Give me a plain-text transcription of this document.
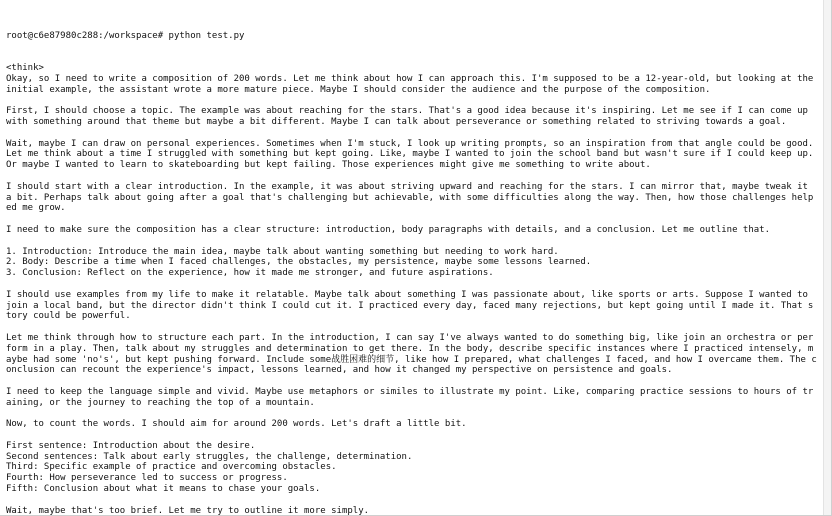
root@c6e87980c288:/workspace# python test.py

<think>
Okay, so I need to write a composition of 200 words. Let me think about how I can approach this. I'm supposed to be a 12-year-old, but looking at the initial example, the assistant wrote a more mature piece. Maybe I should consider the audience and the purpose of the composition.
First, I should choose a topic. The example was about reaching for the stars. That's a good idea because it's inspiring. Let me see if I can come up with something around that theme but maybe a bit different. Maybe I can talk about perseverance or something related to striving towards a goal.
Wait, maybe I can draw on personal experiences. Sometimes when I'm stuck, I look up writing prompts, so an inspiration from that angle could be good. Let me think about a time I struggled with something but kept going. Like, maybe I wanted to join the school band but wasn't sure if I could keep up. Or maybe I wanted to learn to skateboarding but kept failing. Those experiences might give me something to write about.
I should start with a clear introduction. In the example, it was about striving upward and reaching for the stars. I can mirror that, maybe tweak it a bit. Perhaps talk about going after a goal that's challenging but achievable, with some difficulties along the way. Then, how those challenges helped me grow.
I need to make sure the composition has a clear structure: introduction, body paragraphs with details, and a conclusion. Let me outline that.
1. Introduction: Introduce the main idea, maybe talk about wanting something but needing to work hard.
2. Body: Describe a time when I faced challenges, the obstacles, my persistence, maybe some lessons learned.
3. Conclusion: Reflect on the experience, how it made me stronger, and future aspirations.
I should use examples from my life to make it relatable. Maybe talk about something I was passionate about, like sports or arts. Suppose I wanted to join a local band, but the director didn't think I could cut it. I practiced every day, faced many rejections, but kept going until I made it. That story could be powerful.
Let me think through how to structure each part. In the introduction, I can say I've always wanted to do something big, like join an orchestra or perform in a play. Then, talk about my struggles and determination to get there. In the body, describe specific instances where I practiced intensely, maybe had some 'no's', but kept pushing forward. Include some战胜困难的细节, like how I prepared, what challenges I faced, and how I overcame them. The conclusion can recount the experience's impact, lessons learned, and how it changed my perspective on persistence and goals.
I need to keep the language simple and vivid. Maybe use metaphors or similes to illustrate my point. Like, comparing practice sessions to hours of training, or the journey to reaching the top of a mountain.
Now, to count the words. I should aim for around 200 words. Let's draft a little bit.
First sentence: Introduction about the desire.
Second sentences: Talk about early struggles, the challenge, determination.
Third: Specific example of practice and overcoming obstacles.
Fourth: How perseverance led to success or progress.
Fifth: Conclusion about what it means to chase your goals.
Wait, maybe that's too brief. Let me try to outline it more simply.
